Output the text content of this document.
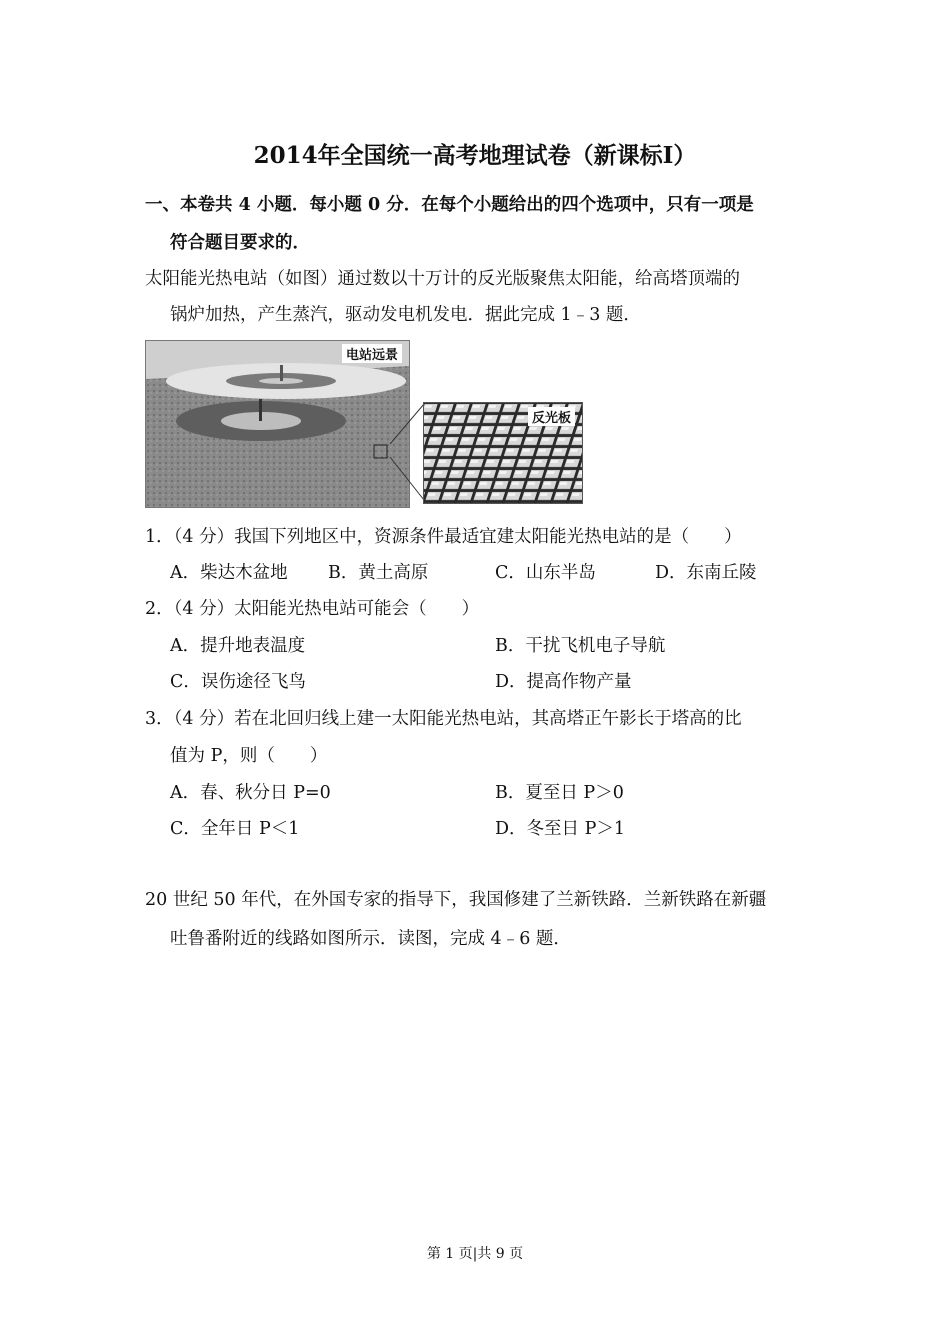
2014年全国统一高考地理试卷（新课标Ⅰ）
一、本卷共 4 小题．每小题 0 分．在每个小题给出的四个选项中，只有一项是
符合题目要求的．
太阳能光热电站（如图）通过数以十万计的反光版聚焦太阳能，给高塔顶端的
锅炉加热，产生蒸汽，驱动发电机发电．据此完成 1﹣3 题．
电站远景
反光板
1．（4 分）我国下列地区中，资源条件最适宜建太阳能光热电站的是（　　）
A．柴达木盆地 B．黄土高原	C．山东半岛	D．东南丘陵
2．（4 分）太阳能光热电站可能会（　　）
A．提升地表温度	B．干扰飞机电子导航
C．误伤途径飞鸟	D．提高作物产量
3．（4 分）若在北回归线上建一太阳能光热电站，其高塔正午影长于塔高的比
值为 P，则（　　）
A．春、秋分日 P=0	B．夏至日 P＞0
C．全年日 P＜1	D．冬至日 P＞1
20 世纪 50 年代，在外国专家的指导下，我国修建了兰新铁路．兰新铁路在新疆
吐鲁番附近的线路如图所示．读图，完成 4﹣6 题．
第 1 页|共 9 页
